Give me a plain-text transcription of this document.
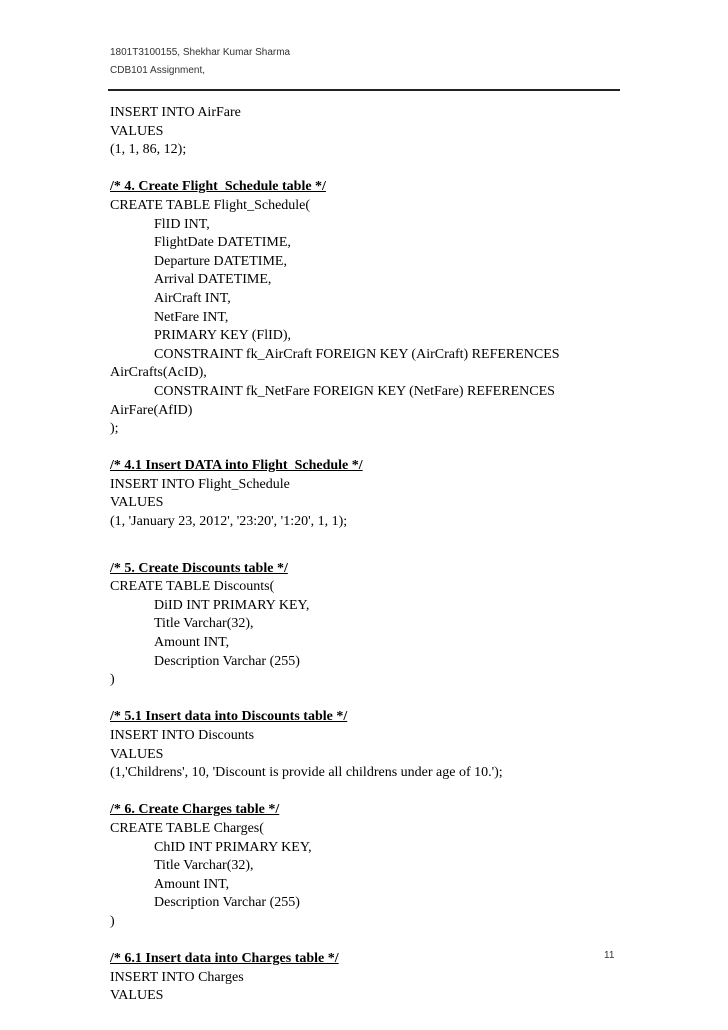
1801T3100155, Shekhar Kumar Sharma
CDB101 Assignment,
INSERT INTO AirFare
VALUES
(1, 1, 86, 12);
/* 4. Create Flight_Schedule table */
CREATE TABLE Flight_Schedule(
FlID INT,
FlightDate DATETIME,
Departure DATETIME,
Arrival DATETIME,
AirCraft INT,
NetFare INT,
PRIMARY KEY (FlID),
CONSTRAINT fk_AirCraft FOREIGN KEY (AirCraft) REFERENCES
AirCrafts(AcID),
CONSTRAINT fk_NetFare FOREIGN KEY (NetFare) REFERENCES
AirFare(AfID)
);
/* 4.1 Insert DATA into Flight_Schedule */
INSERT INTO Flight_Schedule
VALUES
(1, 'January 23, 2012', '23:20', '1:20', 1, 1);
/* 5. Create Discounts table */
CREATE TABLE Discounts(
DiID INT PRIMARY KEY,
Title Varchar(32),
Amount INT,
Description Varchar (255)
)
/* 5.1 Insert data into Discounts table */
INSERT INTO Discounts
VALUES
(1,'Childrens', 10, 'Discount is provide all childrens under age of 10.');
/* 6. Create Charges table */
CREATE TABLE Charges(
ChID INT PRIMARY KEY,
Title Varchar(32),
Amount INT,
Description Varchar (255)
)
/* 6.1 Insert data into Charges table */
INSERT INTO Charges
VALUES
11
